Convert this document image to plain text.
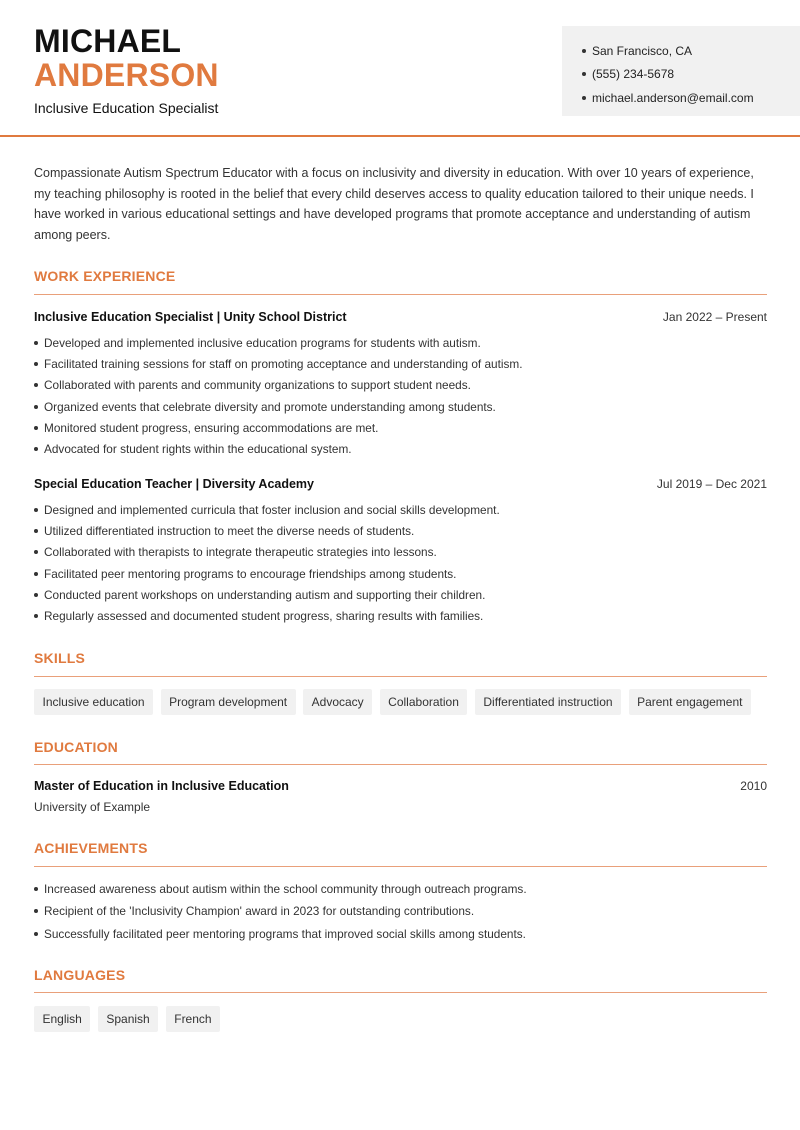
MICHAEL
ANDERSON
Inclusive Education Specialist
San Francisco, CA
(555) 234-5678
michael.anderson@email.com

Compassionate Autism Spectrum Educator with a focus on inclusivity and diversity in education. With over 10 years of experience, my teaching philosophy is rooted in the belief that every child deserves access to quality education tailored to their unique needs. I have worked in various educational settings and have developed programs that promote acceptance and understanding of autism among peers.

WORK EXPERIENCE
Inclusive Education Specialist | Unity School District	Jan 2022 – Present
Developed and implemented inclusive education programs for students with autism.
Facilitated training sessions for staff on promoting acceptance and understanding of autism.
Collaborated with parents and community organizations to support student needs.
Organized events that celebrate diversity and promote understanding among students.
Monitored student progress, ensuring accommodations are met.
Advocated for student rights within the educational system.
Special Education Teacher | Diversity Academy	Jul 2019 – Dec 2021
Designed and implemented curricula that foster inclusion and social skills development.
Utilized differentiated instruction to meet the diverse needs of students.
Collaborated with therapists to integrate therapeutic strategies into lessons.
Facilitated peer mentoring programs to encourage friendships among students.
Conducted parent workshops on understanding autism and supporting their children.
Regularly assessed and documented student progress, sharing results with families.
SKILLS
Inclusive education	Program development	Advocacy	Collaboration	Differentiated instruction	Parent engagement
EDUCATION
Master of Education in Inclusive Education	2010
University of Example
ACHIEVEMENTS
Increased awareness about autism within the school community through outreach programs.
Recipient of the 'Inclusivity Champion' award in 2023 for outstanding contributions.
Successfully facilitated peer mentoring programs that improved social skills among students.
LANGUAGES
English	Spanish	French
